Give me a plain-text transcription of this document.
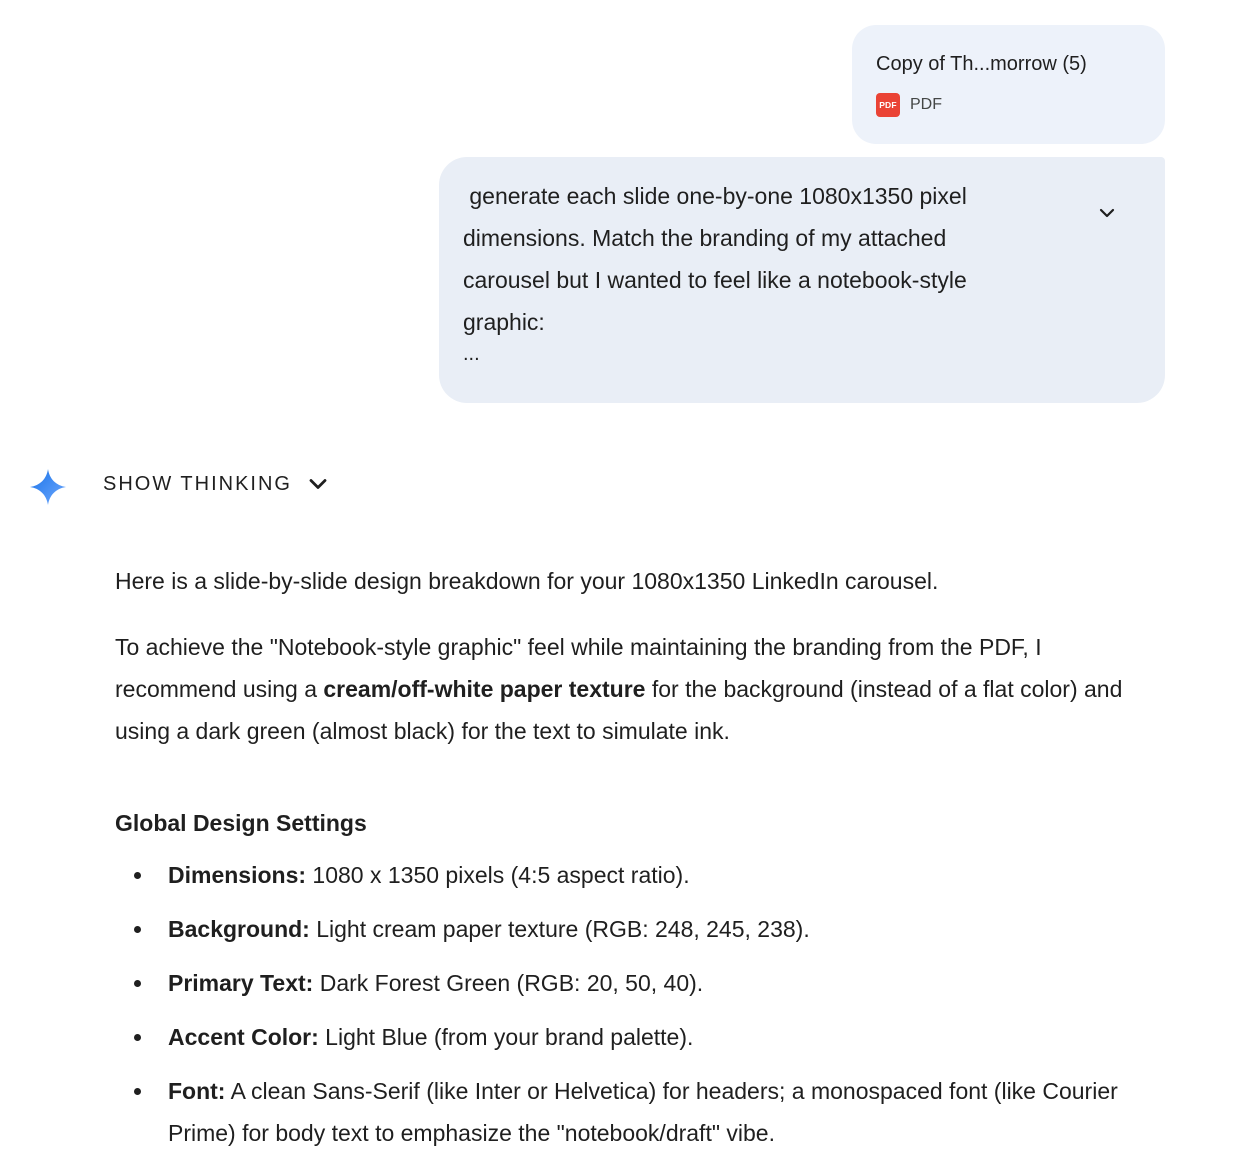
Copy of Th...morrow (5)
PDF PDF
generate each slide one-by-one 1080x1350 pixel dimensions. Match the branding of my attached carousel but I wanted to feel like a notebook-style graphic:
...
SHOW THINKING

Here is a slide-by-slide design breakdown for your 1080x1350 LinkedIn carousel.

To achieve the "Notebook-style graphic" feel while maintaining the branding from the PDF, I recommend using a cream/off-white paper texture for the background (instead of a flat color) and using a dark green (almost black) for the text to simulate ink.

Global Design Settings
Dimensions: 1080 x 1350 pixels (4:5 aspect ratio).
Background: Light cream paper texture (RGB: 248, 245, 238).
Primary Text: Dark Forest Green (RGB: 20, 50, 40).
Accent Color: Light Blue (from your brand palette).
Font: A clean Sans-Serif (like Inter or Helvetica) for headers; a monospaced font (like Courier Prime) for body text to emphasize the "notebook/draft" vibe.
